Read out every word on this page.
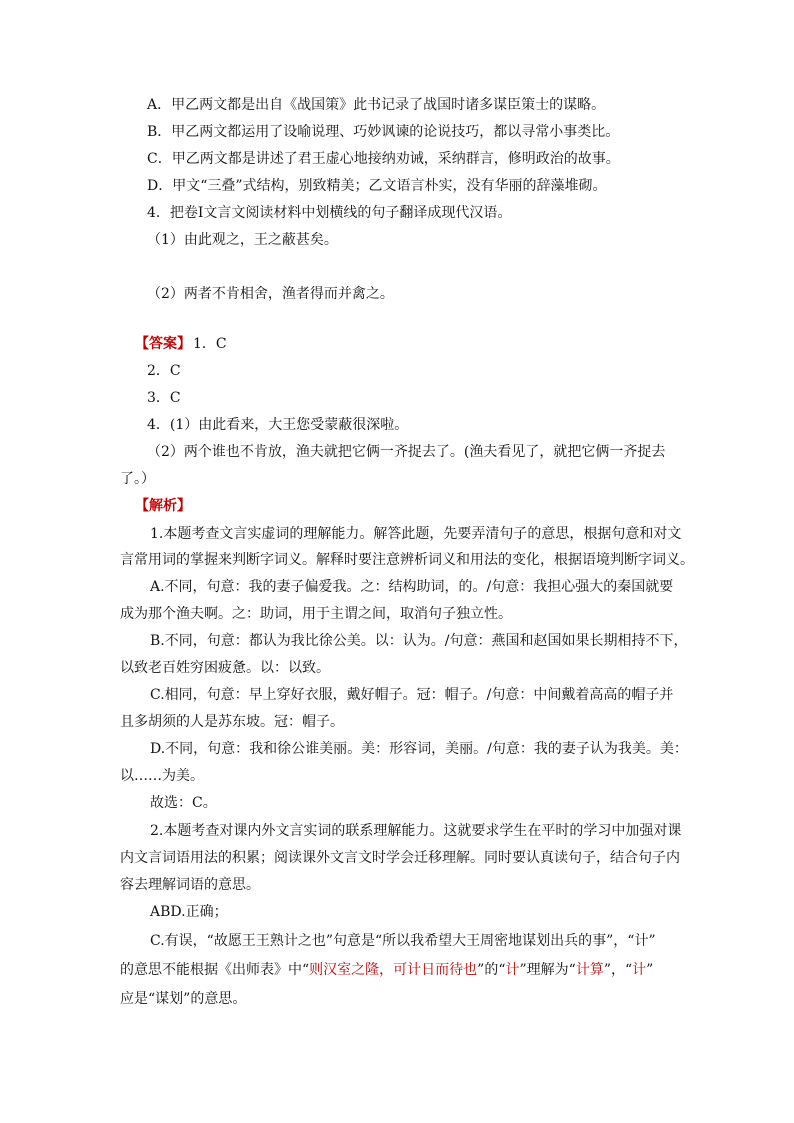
A．甲乙两文都是出自《战国策》此书记录了战国时诸多谋臣策士的谋略。
B．甲乙两文都运用了设喻说理、巧妙讽谏的论说技巧，都以寻常小事类比。
C．甲乙两文都是讲述了君王虚心地接纳劝诫，采纳群言，修明政治的故事。
D．甲文“三叠”式结构，别致精美；乙文语言朴实，没有华丽的辞藻堆砌。
4．把卷Ⅰ文言文阅读材料中划横线的句子翻译成现代汉语。
（1）由此观之，王之蔽甚矣。
（2）两者不肯相舍，渔者得而并禽之。
【答案】 1．C
2．C
3．C
4．(1）由此看来，大王您受蒙蔽很深啦。
（2）两个谁也不肯放，渔夫就把它俩一齐捉去了。(渔夫看见了，就把它俩一齐捉去
了。）
【解析】
1.本题考查文言实虚词的理解能力。解答此题，先要弄清句子的意思，根据句意和对文
言常用词的掌握来判断字词义。解释时要注意辨析词义和用法的变化，根据语境判断字词义。
A.不同，句意：我的妻子偏爱我。之：结构助词，的。/句意：我担心强大的秦国就要
成为那个渔夫啊。之：助词，用于主谓之间，取消句子独立性。
B.不同，句意：都认为我比徐公美。以：认为。/句意：燕国和赵国如果长期相持不下，
以致老百姓穷困疲惫。以：以致。
C.相同，句意：早上穿好衣服，戴好帽子。冠：帽子。/句意：中间戴着高高的帽子并
且多胡须的人是苏东坡。冠：帽子。
D.不同，句意：我和徐公谁美丽。美：形容词，美丽。/句意：我的妻子认为我美。美：
以……为美。
故选：C。
2.本题考查对课内外文言实词的联系理解能力。这就要求学生在平时的学习中加强对课
内文言词语用法的积累；阅读课外文言文时学会迁移理解。同时要认真读句子，结合句子内
容去理解词语的意思。
ABD.正确；
C.有误，“故愿王王熟计之也”句意是“所以我希望大王周密地谋划出兵的事”，“计”
的意思不能根据《出师表》中“则汉室之隆，可计日而待也”的“计”理解为“计算”，“计”
应是“谋划”的意思。
